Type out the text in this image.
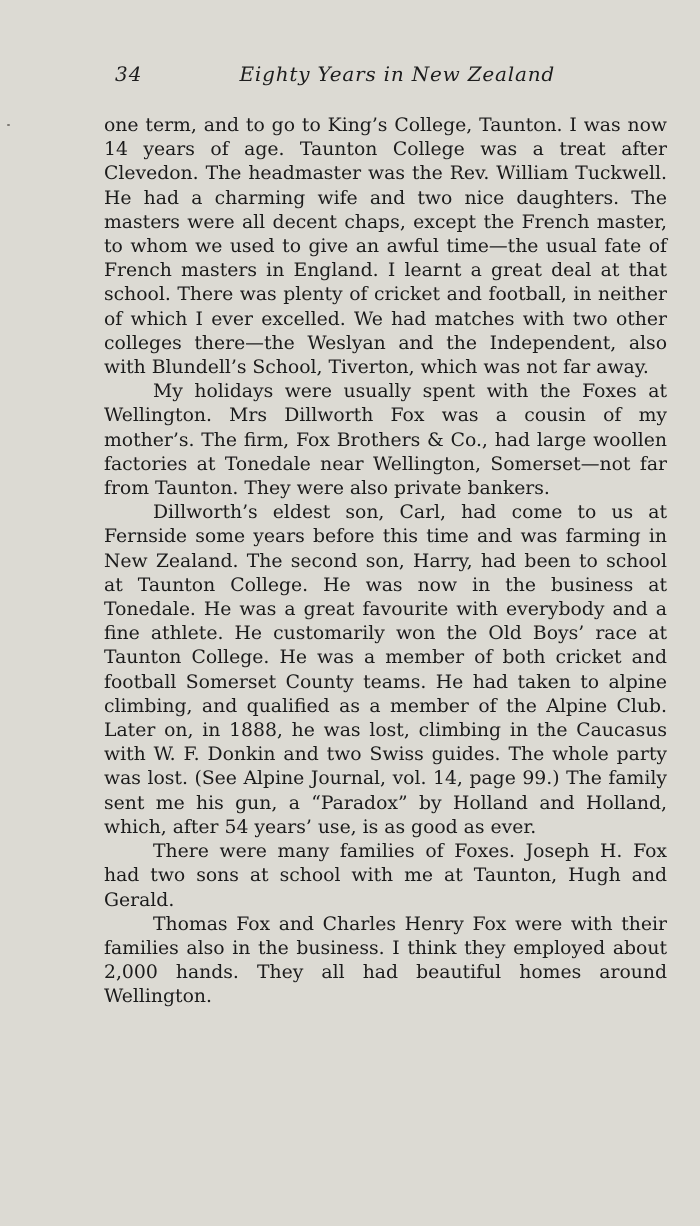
34	Eighty Years in New Zealand

one term, and to go to King’s College, Taunton. I was now 14 years of age. Taunton College was a treat after Clevedon. The headmaster was the Rev. William Tuckwell. He had a charming wife and two nice daughters. The masters were all decent chaps, except the French master, to whom we used to give an awful time—the usual fate of French masters in England. I learnt a great deal at that school. There was plenty of cricket and football, in neither of which I ever excelled. We had matches with two other colleges there—the Weslyan and the Independent, also with Blundell’s School, Tiverton, which was not far away.

My holidays were usually spent with the Foxes at Wellington. Mrs Dillworth Fox was a cousin of my mother’s. The firm, Fox Brothers & Co., had large woollen factories at Tonedale near Wellington, Somerset—not far from Taunton. They were also private bankers.

Dillworth’s eldest son, Carl, had come to us at Fernside some years before this time and was farming in New Zealand. The second son, Harry, had been to school at Taunton College. He was now in the business at Tonedale. He was a great favourite with everybody and a fine athlete. He customarily won the Old Boys’ race at Taunton College. He was a member of both cricket and football Somerset County teams. He had taken to alpine climbing, and qualified as a member of the Alpine Club. Later on, in 1888, he was lost, climbing in the Caucasus with W. F. Donkin and two Swiss guides. The whole party was lost. (See Alpine Journal, vol. 14, page 99.) The family sent me his gun, a “Paradox” by Holland and Holland, which, after 54 years’ use, is as good as ever.

There were many families of Foxes. Joseph H. Fox had two sons at school with me at Taunton, Hugh and Gerald.

Thomas Fox and Charles Henry Fox were with their families also in the business. I think they employed about 2,000 hands. They all had beautiful homes around Wellington.
